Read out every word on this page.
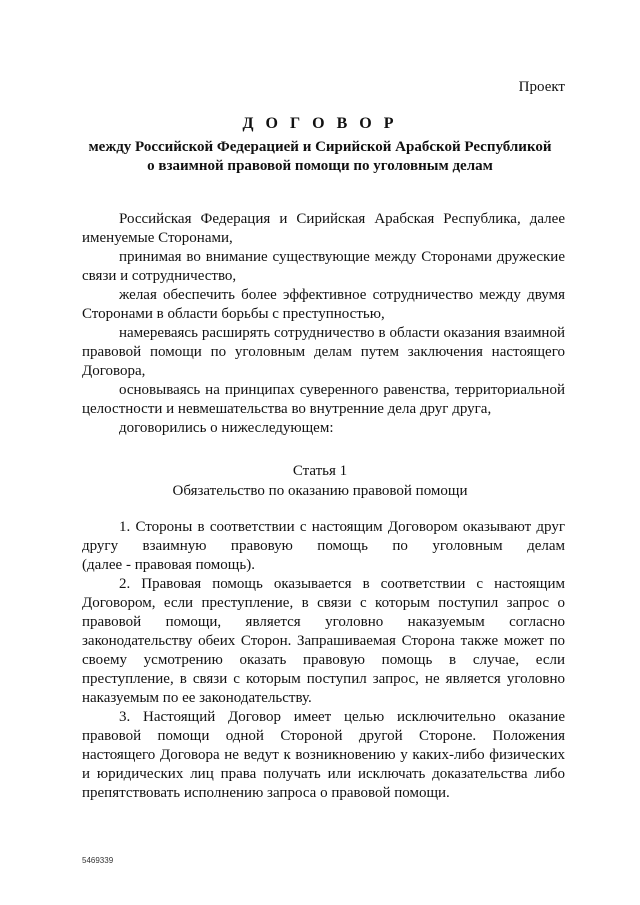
Проект
Д О Г О В О Р
между Российской Федерацией и Сирийской Арабской Республикой
о взаимной правовой помощи по уголовным делам
Российская Федерация и Сирийская Арабская Республика, далее
именуемые Сторонами,
принимая во внимание существующие между Сторонами дружеские
связи и сотрудничество,
желая обеспечить более эффективное сотрудничество между двумя
Сторонами в области борьбы с преступностью,
намереваясь расширять сотрудничество в области оказания взаимной
правовой помощи по уголовным делам путем заключения настоящего
Договора,
основываясь на принципах суверенного равенства, территориальной
целостности и невмешательства во внутренние дела друг друга,
договорились о нижеследующем:
Статья 1
Обязательство по оказанию правовой помощи
1. Стороны в соответствии с настоящим Договором оказывают друг
другу взаимную правовую помощь по уголовным делам
(далее - правовая помощь).
2. Правовая помощь оказывается в соответствии с настоящим
Договором, если преступление, в связи с которым поступил запрос о
правовой помощи, является уголовно наказуемым согласно
законодательству обеих Сторон. Запрашиваемая Сторона также может по
своему усмотрению оказать правовую помощь в случае, если
преступление, в связи с которым поступил запрос, не является уголовно
наказуемым по ее законодательству.
3. Настоящий Договор имеет целью исключительно оказание
правовой помощи одной Стороной другой Стороне. Положения
настоящего Договора не ведут к возникновению у каких-либо физических
и юридических лиц права получать или исключать доказательства либо
препятствовать исполнению запроса о правовой помощи.
5469339
